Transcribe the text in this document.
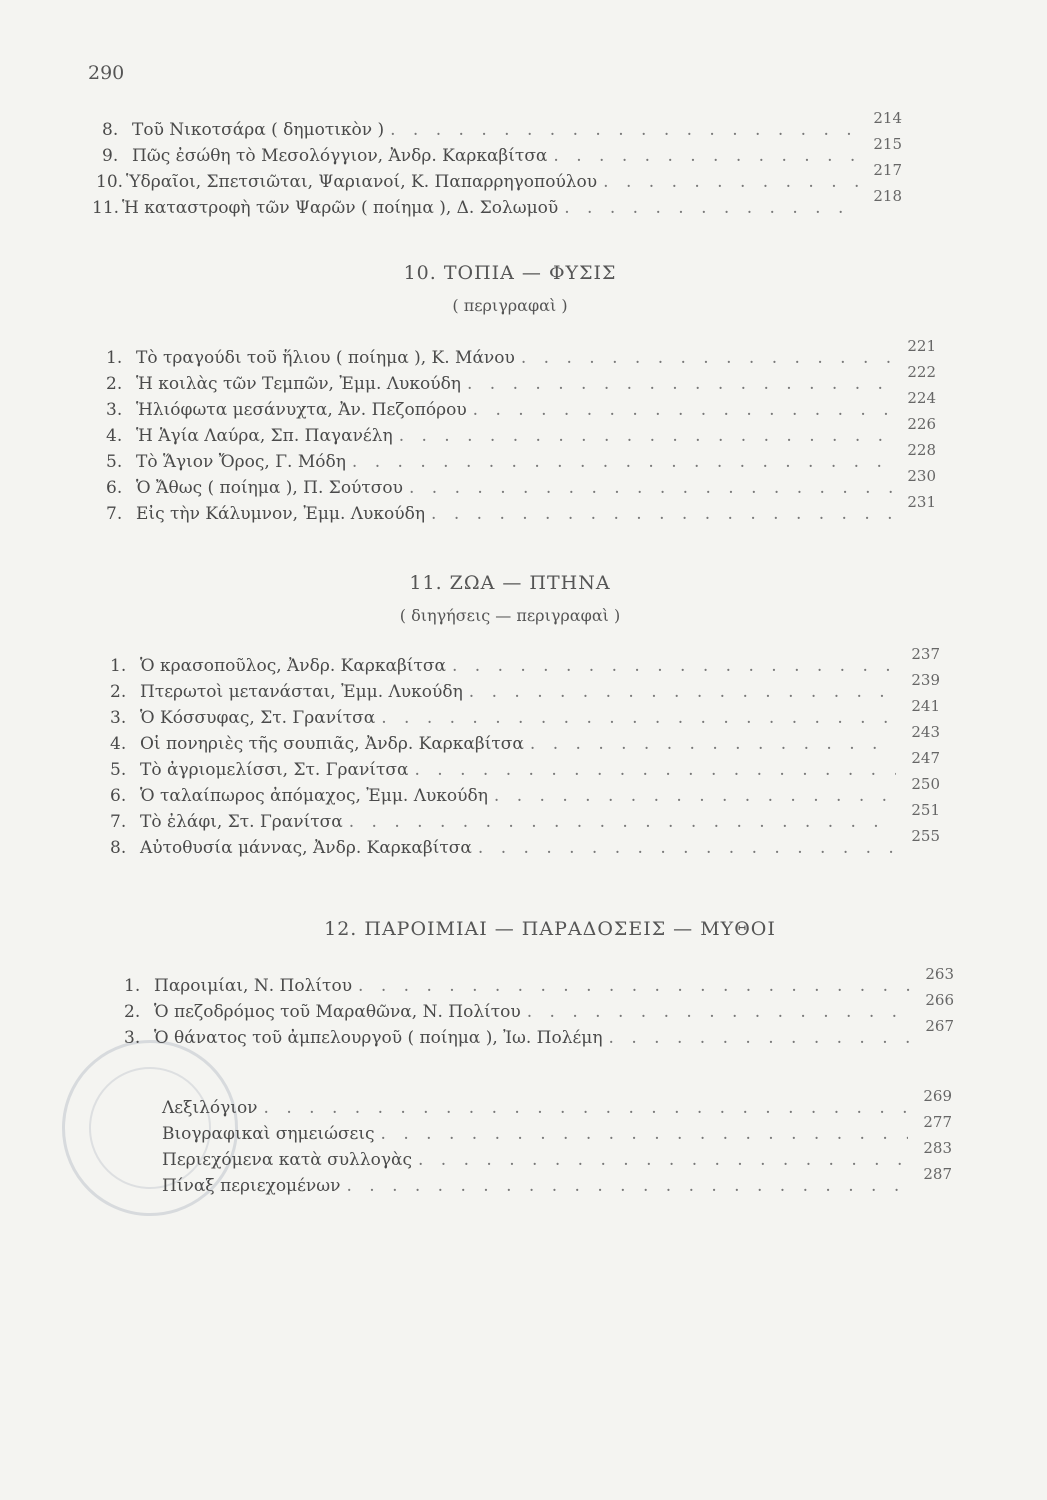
290
8. Τοῦ Νικοτσάρα ( δημοτικὸν )
. . .
214
9. Πῶς ἐσώθη τὸ Μεσολόγγιον, Ἀνδρ. Καρκαβίτσα
. . .
215
10. Ὑδραῖοι, Σπετσιῶται, Ψαριανοί, Κ. Παπαρρηγοπούλου
. . .
217
11. Ἡ καταστροφὴ τῶν Ψαρῶν ( ποίημα ), Δ. Σολωμοῦ
. . .
218
10. ΤΟΠΙΑ — ΦΥΣΙΣ
( περιγραφαὶ )
1. Τὸ τραγούδι τοῦ ἥλιου ( ποίημα ), Κ. Μάνου
. . .
221
2. Ἡ κοιλὰς τῶν Τεμπῶν, Ἐμμ. Λυκούδη
. . .
222
3. Ἡλιόφωτα μεσάνυχτα, Ἀν. Πεζοπόρου
. . .
224
4. Ἡ Ἁγία Λαύρα, Σπ. Παγανέλη
. . .
226
5. Τὸ Ἅγιον Ὄρος, Γ. Μόδη
. . .
228
6. Ὁ Ἄθως ( ποίημα ), Π. Σούτσου
. . .
230
7. Εἰς τὴν Κάλυμνον, Ἐμμ. Λυκούδη
. . .
231
11. ΖΩΑ — ΠΤΗΝΑ
( διηγήσεις — περιγραφαὶ )
1. Ὁ κρασοποῦλος, Ἀνδρ. Καρκαβίτσα
. . .
237
2. Πτερωτοὶ μετανάσται, Ἐμμ. Λυκούδη
. . .
239
3. Ὁ Κόσσυφας, Στ. Γρανίτσα
. . .
241
4. Οἱ πονηριὲς τῆς σουπιᾶς, Ἀνδρ. Καρκαβίτσα
. . .
243
5. Τὸ ἀγριομελίσσι, Στ. Γρανίτσα
. . .
247
6. Ὁ ταλαίπωρος ἀπόμαχος, Ἐμμ. Λυκούδη
. . .
250
7. Τὸ ἐλάφι, Στ. Γρανίτσα
. . .
251
8. Αὐτοθυσία μάννας, Ἀνδρ. Καρκαβίτσα
. . .
255
12. ΠΑΡΟΙΜΙΑΙ — ΠΑΡΑΔΟΣΕΙΣ — ΜΥΘΟΙ
1. Παροιμίαι, Ν. Πολίτου
. . .
263
2. Ὁ πεζοδρόμος τοῦ Μαραθῶνα, Ν. Πολίτου
. . .
266
3. Ὁ θάνατος τοῦ ἀμπελουργοῦ ( ποίημα ), Ἰω. Πολέμη
. . .
267
Λεξιλόγιον
. . .
269
Βιογραφικαὶ σημειώσεις
. . .
277
Περιεχόμενα κατὰ συλλογὰς
. . .
283
Πίναξ περιεχομένων
. . .
287
